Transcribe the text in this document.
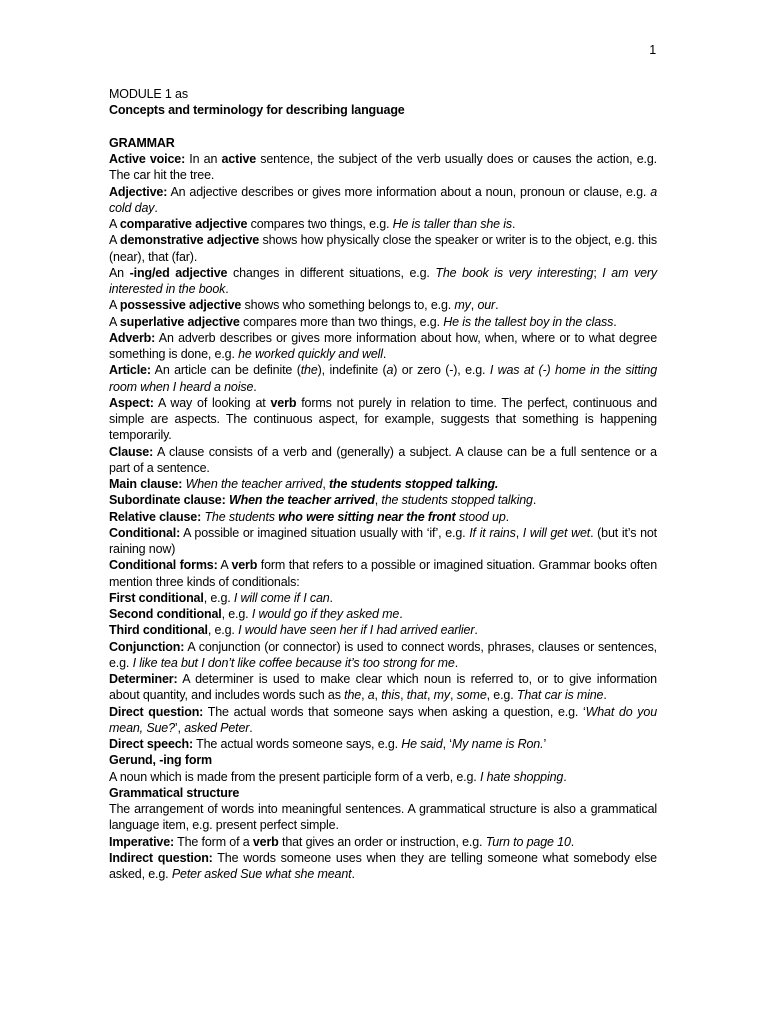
1

MODULE 1 as

Concepts and terminology for describing language

GRAMMAR

Active voice: In an active sentence, the subject of the verb usually does or causes the action, e.g. The car hit the tree.

Adjective: An adjective describes or gives more information about a noun, pronoun or clause, e.g. a cold day.

A comparative adjective compares two things, e.g. He is taller than she is.

A demonstrative adjective shows how physically close the speaker or writer is to the object, e.g. this (near), that (far).

An -ing/ed adjective changes in different situations, e.g. The book is very interesting; I am very interested in the book.

A possessive adjective shows who something belongs to, e.g. my, our.

A superlative adjective compares more than two things, e.g. He is the tallest boy in the class.

Adverb: An adverb describes or gives more information about how, when, where or to what degree something is done, e.g. he worked quickly and well.

Article: An article can be definite (the), indefinite (a) or zero (-), e.g. I was at (-) home in the sitting room when I heard a noise.

Aspect: A way of looking at verb forms not purely in relation to time. The perfect, continuous and simple are aspects. The continuous aspect, for example, suggests that something is happening temporarily.

Clause: A clause consists of a verb and (generally) a subject. A clause can be a full sentence or a part of a sentence.

Main clause: When the teacher arrived, the students stopped talking.

Subordinate clause: When the teacher arrived, the students stopped talking.

Relative clause: The students who were sitting near the front stood up.

Conditional: A possible or imagined situation usually with ‘if’, e.g. If it rains, I will get wet. (but it’s not raining now)

Conditional forms: A verb form that refers to a possible or imagined situation. Grammar books often mention three kinds of conditionals:

First conditional, e.g. I will come if I can.

Second conditional, e.g. I would go if they asked me.

Third conditional, e.g. I would have seen her if I had arrived earlier.

Conjunction: A conjunction (or connector) is used to connect words, phrases, clauses or sentences, e.g. I like tea but I don’t like coffee because it’s too strong for me.

Determiner: A determiner is used to make clear which noun is referred to, or to give information about quantity, and includes words such as the, a, this, that, my, some, e.g. That car is mine.

Direct question: The actual words that someone says when asking a question, e.g. ‘What do you mean, Sue?’, asked Peter.

Direct speech: The actual words someone says, e.g. He said, ‘My name is Ron.’

Gerund, -ing form

A noun which is made from the present participle form of a verb, e.g. I hate shopping.

Grammatical structure

The arrangement of words into meaningful sentences. A grammatical structure is also a grammatical language item, e.g. present perfect simple.

Imperative: The form of a verb that gives an order or instruction, e.g. Turn to page 10.

Indirect question: The words someone uses when they are telling someone what somebody else asked, e.g. Peter asked Sue what she meant.
